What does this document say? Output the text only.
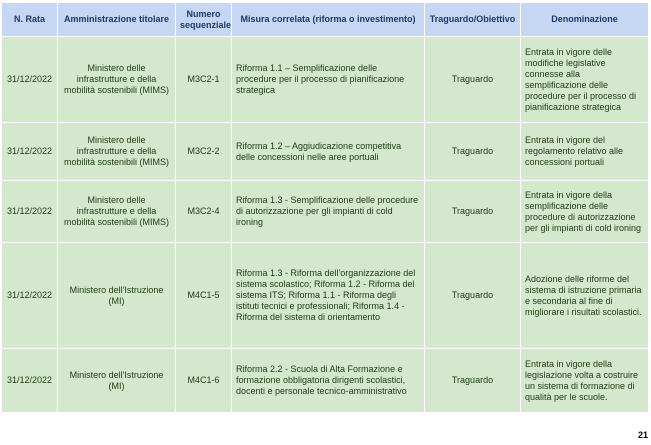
N. Rata	Amministrazione titolare	Numero sequenziale	Misura correlata (riforma o investimento)	Traguardo/Obiettivo	Denominazione
31/12/2022	Ministero delle infrastrutture e della mobilità sostenibili (MIMS)	M3C2-1	Riforma 1.1 – Semplificazione delle procedure per il processo di pianificazione strategica	Traguardo	Entrata in vigore delle modifiche legislative connesse alla semplificazione delle procedure per il processo di pianificazione strategica
31/12/2022	Ministero delle infrastrutture e della mobilità sostenibili (MIMS)	M3C2-2	Riforma 1.2 – Aggiudicazione competitiva delle concessioni nelle aree portuali	Traguardo	Entrata in vigore del regolamento relativo alle concessioni portuali
31/12/2022	Ministero delle infrastrutture e della mobilità sostenibili (MIMS)	M3C2-4	Riforma 1.3 - Semplificazione delle procedure di autorizzazione per gli impianti di cold ironing	Traguardo	Entrata in vigore della semplificazione delle procedure di autorizzazione per gli impianti di cold ironing
31/12/2022	Ministero dell'Istruzione (MI)	M4C1-5	Riforma 1.3 - Riforma dell'organizzazione del sistema scolastico; Riforma 1.2 - Riforma del sistema ITS; Riforma 1.1 - Riforma degli istituti tecnici e professionali; Riforma 1.4 - Riforma del sistema di orientamento	Traguardo	Adozione delle riforme del sistema di istruzione primaria e secondaria al fine di migliorare i risultati scolastici.
31/12/2022	Ministero dell'Istruzione (MI)	M4C1-6	Riforma 2.2 - Scuola di Alta Formazione e formazione obbligatoria dirigenti scolastici, docenti e personale tecnico-amministrativo	Traguardo	Entrata in vigore della legislazione volta a costruire un sistema di formazione di qualità per le scuole.
21
